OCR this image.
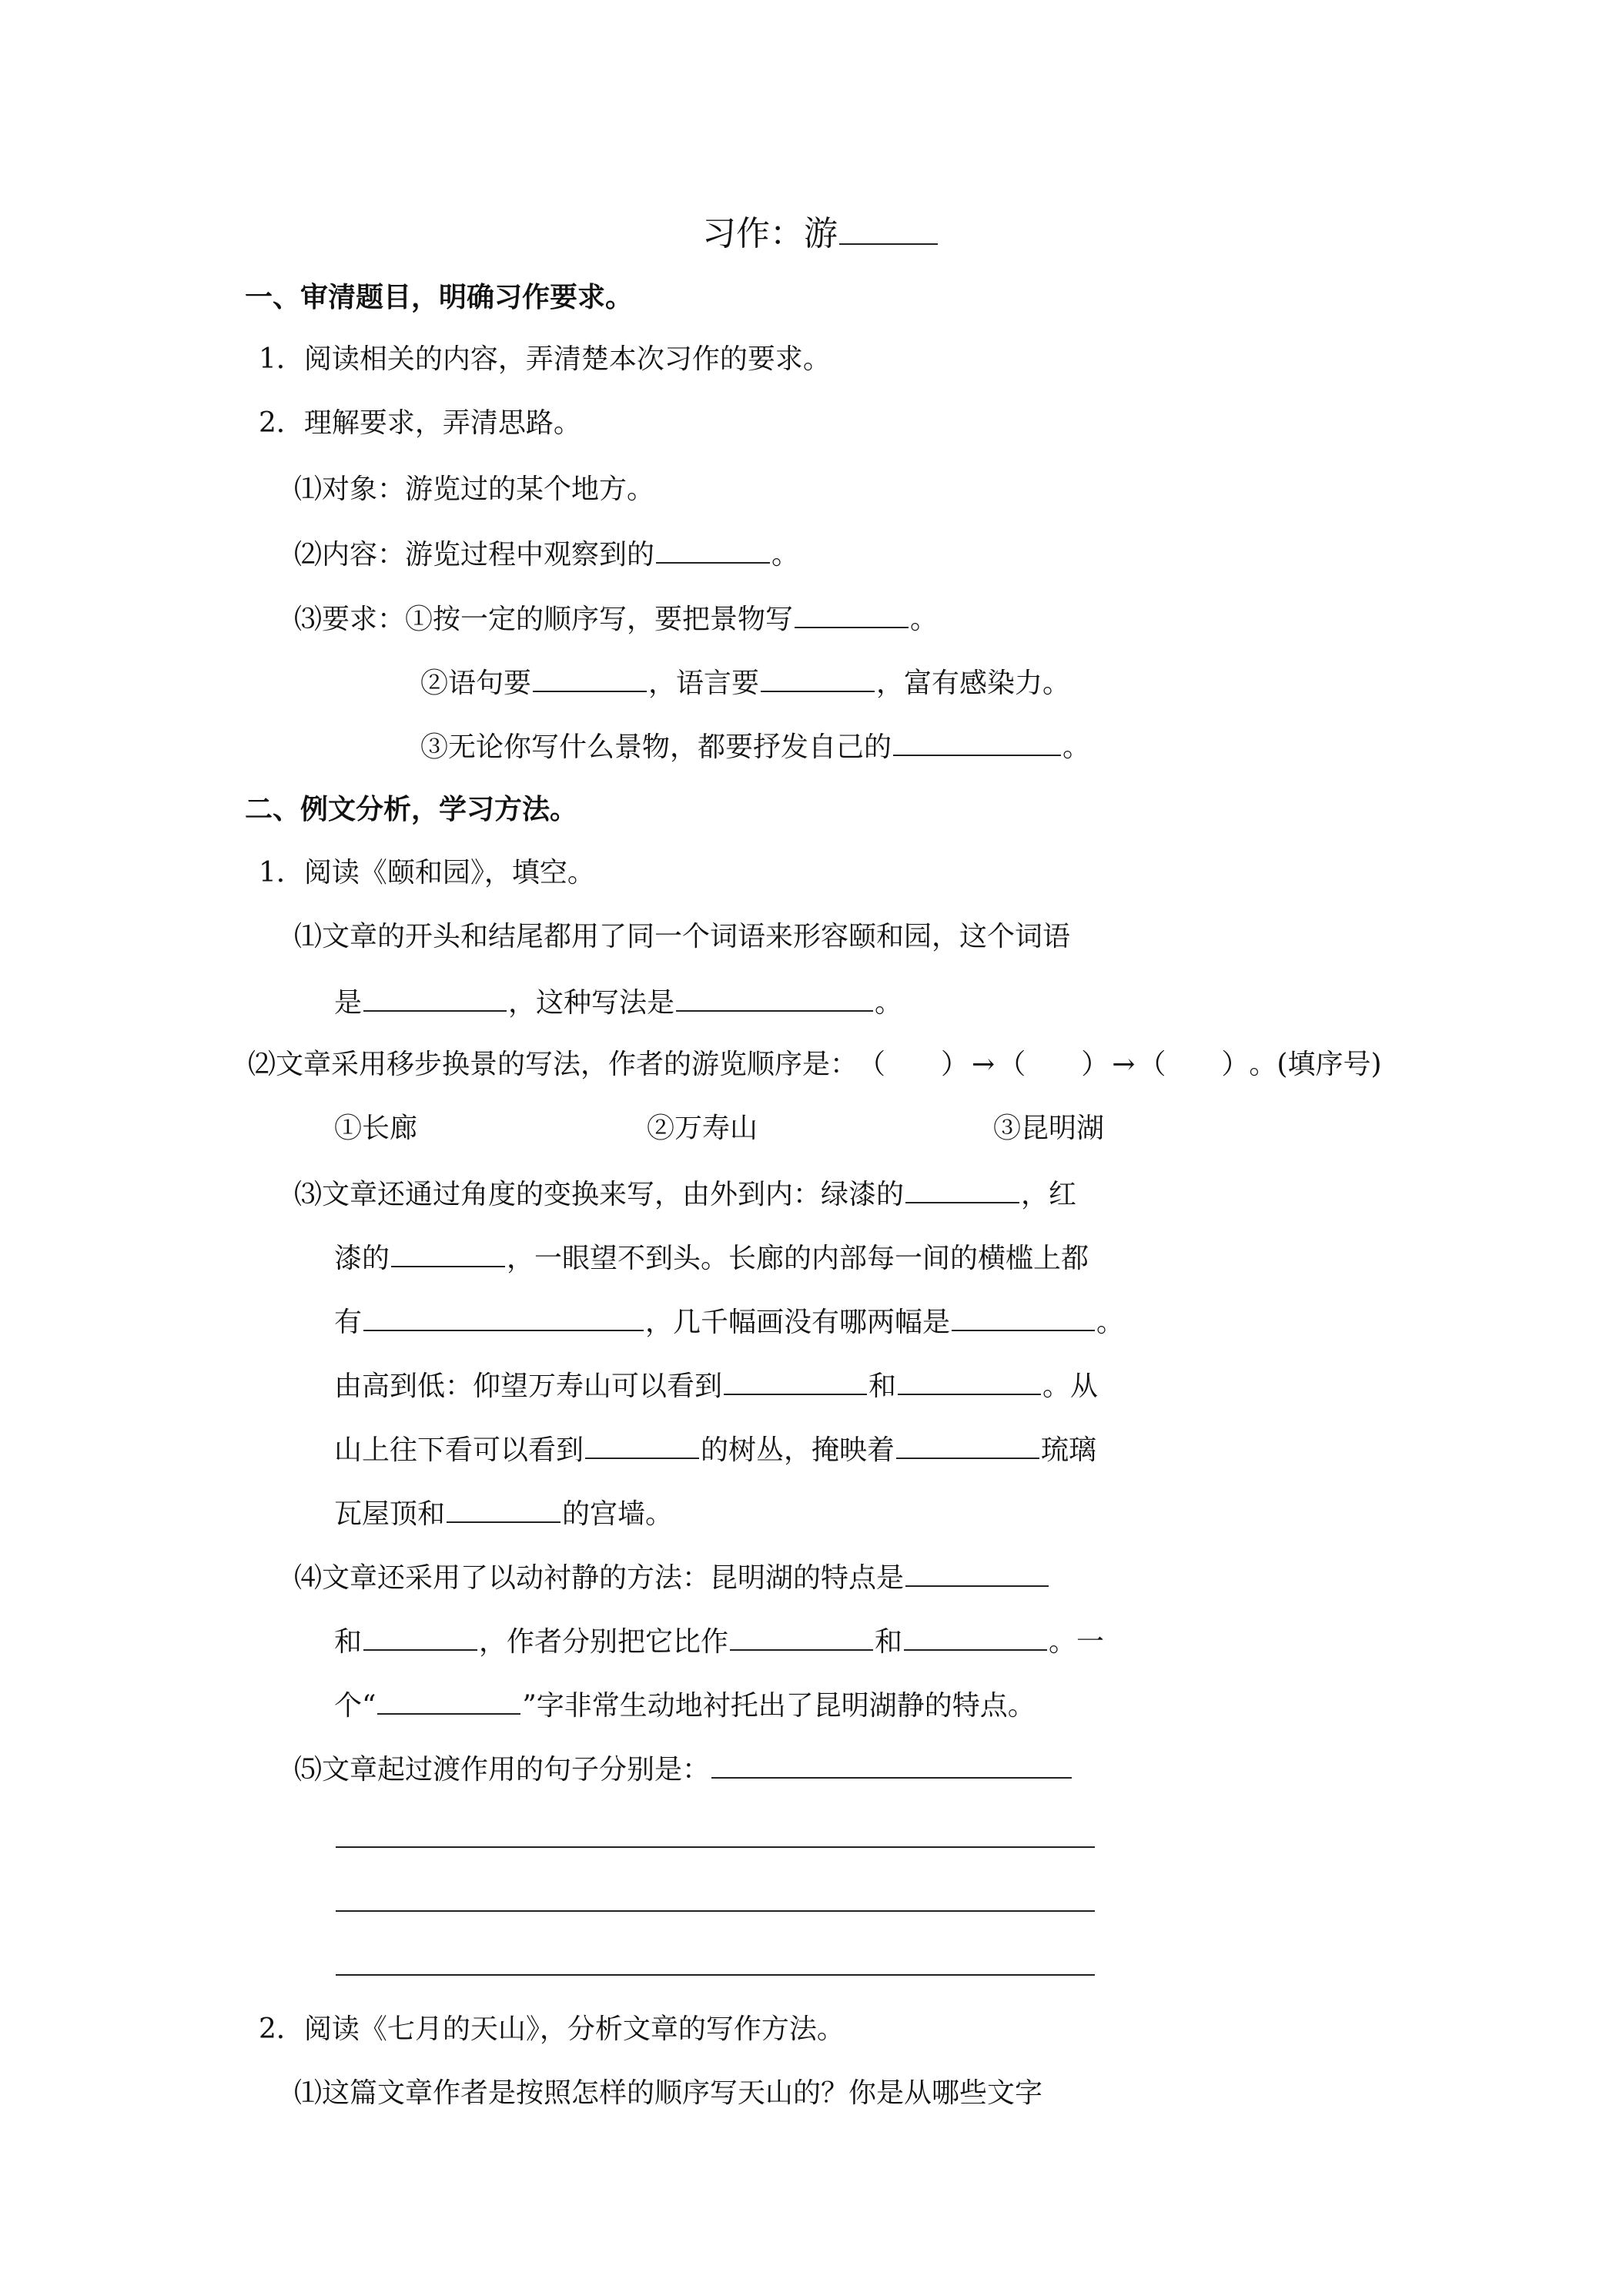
习作：游
一、审清题目，明确习作要求。
1．阅读相关的内容，弄清楚本次习作的要求。
2．理解要求，弄清思路。
⑴对象：游览过的某个地方。
⑵内容：游览过程中观察到的	。
⑶要求：①按一定的顺序写，要把景物写	。
②语句要	，语言要	，富有感染力。
③无论你写什么景物，都要抒发自己的	。
二、例文分析，学习方法。
1．阅读《颐和园》，填空。
⑴文章的开头和结尾都用了同一个词语来形容颐和园，这个词语
是	，这种写法是	。
⑵文章采用移步换景的写法，作者的游览顺序是：（　　） → （　　） → （　　）。(填序号)
①长廊	②万寿山	③昆明湖
⑶文章还通过角度的变换来写，由外到内：绿漆的	，红
漆的	，一眼望不到头。长廊的内部每一间的横槛上都
有	，几千幅画没有哪两幅是	。
由高到低：仰望万寿山可以看到	和	。从
山上往下看可以看到	的树丛，掩映着	琉璃
瓦屋顶和	的宫墙。
⑷文章还采用了以动衬静的方法：昆明湖的特点是
和	，作者分别把它比作	和	。一
个“	”字非常生动地衬托出了昆明湖静的特点。
⑸文章起过渡作用的句子分别是：
2．阅读《七月的天山》，分析文章的写作方法。
⑴这篇文章作者是按照怎样的顺序写天山的？你是从哪些文字
